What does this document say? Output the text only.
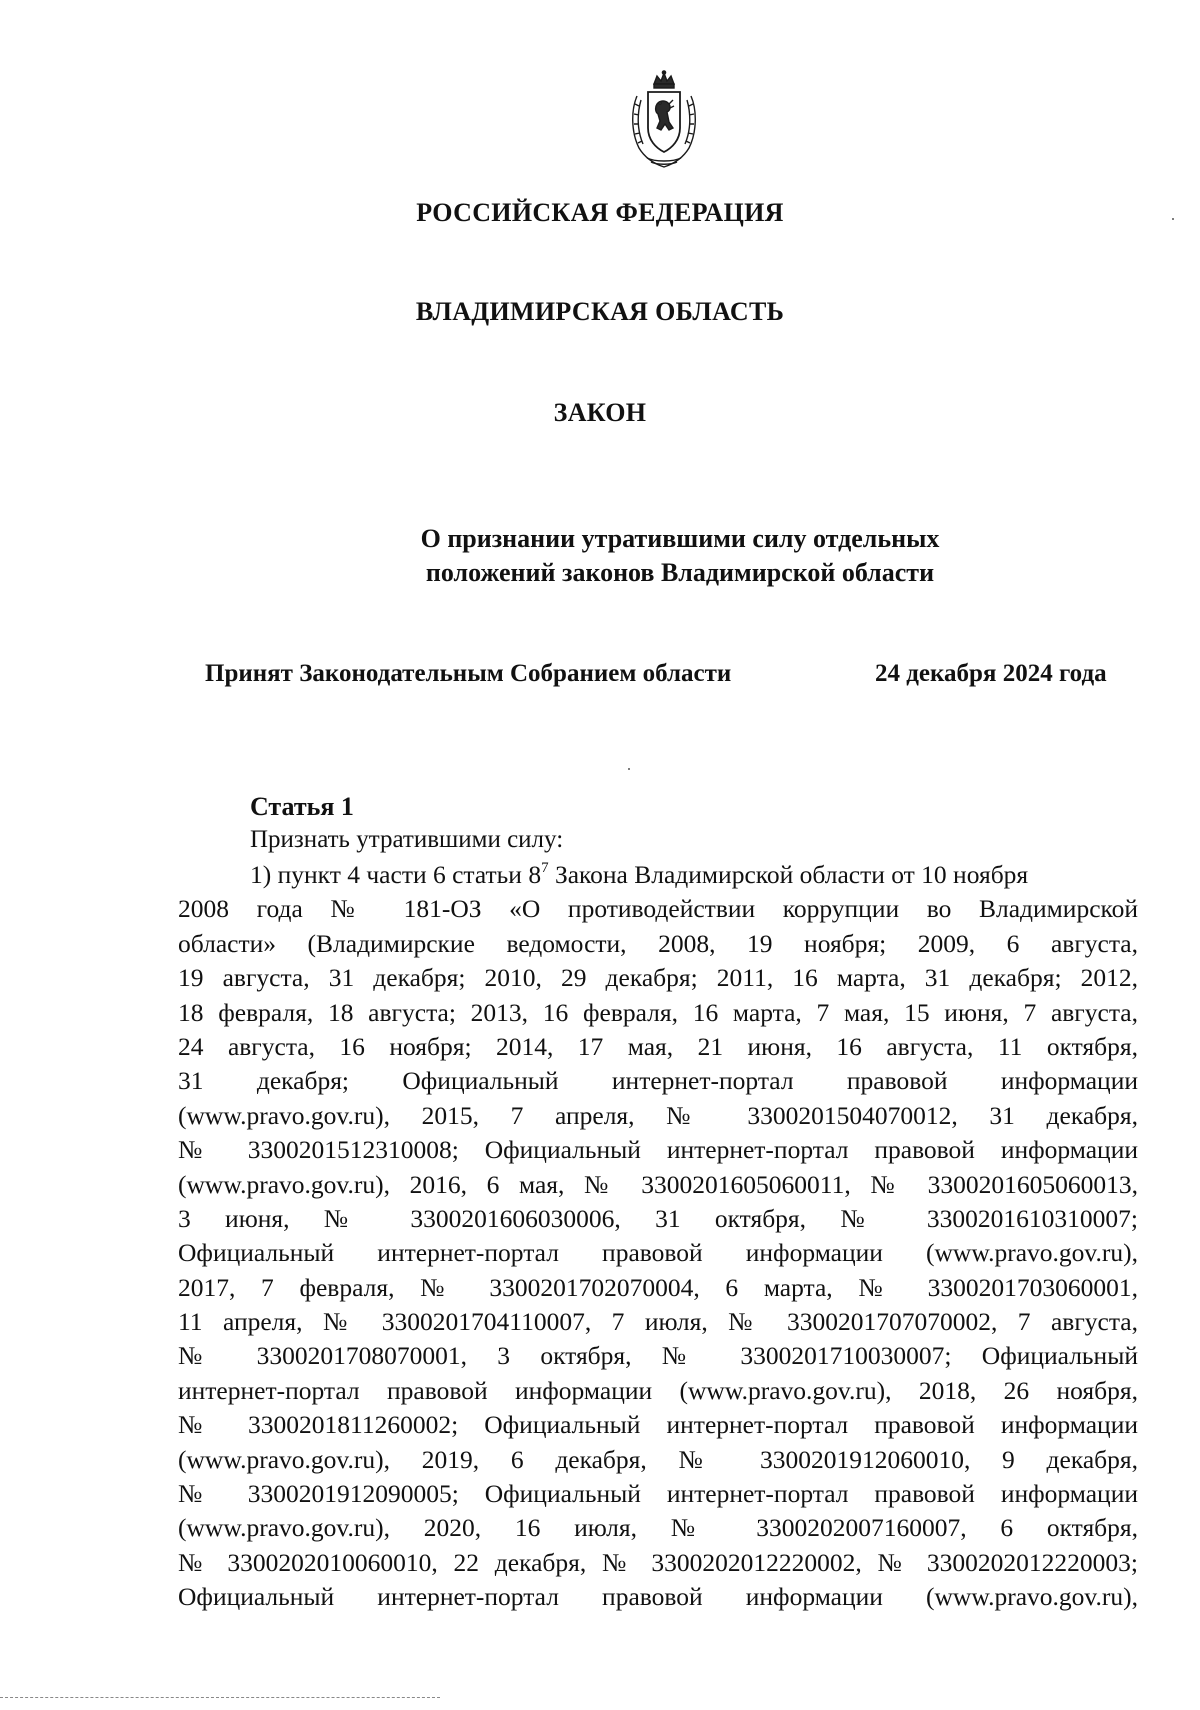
РОССИЙСКАЯ ФЕДЕРАЦИЯ
ВЛАДИМИРСКАЯ ОБЛАСТЬ
ЗАКОН
О признании утратившими силу отдельных
положений законов Владимирской области
Принят Законодательным Собранием области	24 декабря 2024 года
Статья 1
Признать утратившими силу:
1) пункт 4 части 6 статьи $8^7$ Закона Владимирской области от 10 ноября
2008 года № 181-ОЗ «О противодействии коррупции во Владимирской
области» (Владимирские ведомости, 2008, 19 ноября; 2009, 6 августа,
19 августа, 31 декабря; 2010, 29 декабря; 2011, 16 марта, 31 декабря; 2012,
18 февраля, 18 августа; 2013, 16 февраля, 16 марта, 7 мая, 15 июня, 7 августа,
24 августа, 16 ноября; 2014, 17 мая, 21 июня, 16 августа, 11 октября,
31 декабря; Официальный интернет-портал правовой информации
(www.pravo.gov.ru), 2015, 7 апреля, № 3300201504070012, 31 декабря,
№ 3300201512310008; Официальный интернет-портал правовой информации
(www.pravo.gov.ru), 2016, 6 мая, № 3300201605060011, № 3300201605060013,
3 июня, № 3300201606030006, 31 октября, № 3300201610310007;
Официальный интернет-портал правовой информации (www.pravo.gov.ru),
2017, 7 февраля, № 3300201702070004, 6 марта, № 3300201703060001,
11 апреля, № 3300201704110007, 7 июля, № 3300201707070002, 7 августа,
№ 3300201708070001, 3 октября, № 3300201710030007; Официальный
интернет-портал правовой информации (www.pravo.gov.ru), 2018, 26 ноября,
№ 3300201811260002; Официальный интернет-портал правовой информации
(www.pravo.gov.ru), 2019, 6 декабря, № 3300201912060010, 9 декабря,
№ 3300201912090005; Официальный интернет-портал правовой информации
(www.pravo.gov.ru), 2020, 16 июля, № 3300202007160007, 6 октября,
№ 3300202010060010, 22 декабря, № 3300202012220002, № 3300202012220003;
Официальный интернет-портал правовой информации (www.pravo.gov.ru),
